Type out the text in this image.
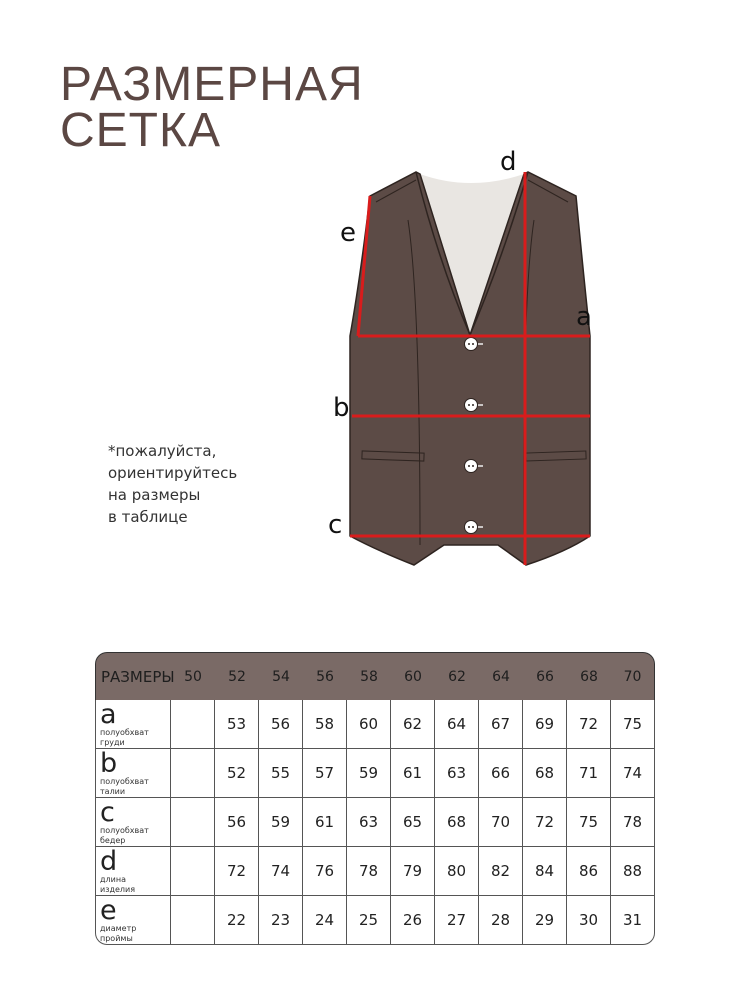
РАЗМЕРНАЯ
СЕТКА

*пожалуйста,
ориентируйтесь
на размеры
в таблице

d
e
a
b
c
РАЗМЕРЫ	50	52	54	56	58	60	62	64	66	68	70
a
полуобхват
груди		53	56	58	60	62	64	67	69	72	75
b
полуобхват
талии		52	55	57	59	61	63	66	68	71	74
c
полуобхват
бедер		56	59	61	63	65	68	70	72	75	78
d
длина
изделия		72	74	76	78	79	80	82	84	86	88
e
диаметр
проймы		22	23	24	25	26	27	28	29	30	31
